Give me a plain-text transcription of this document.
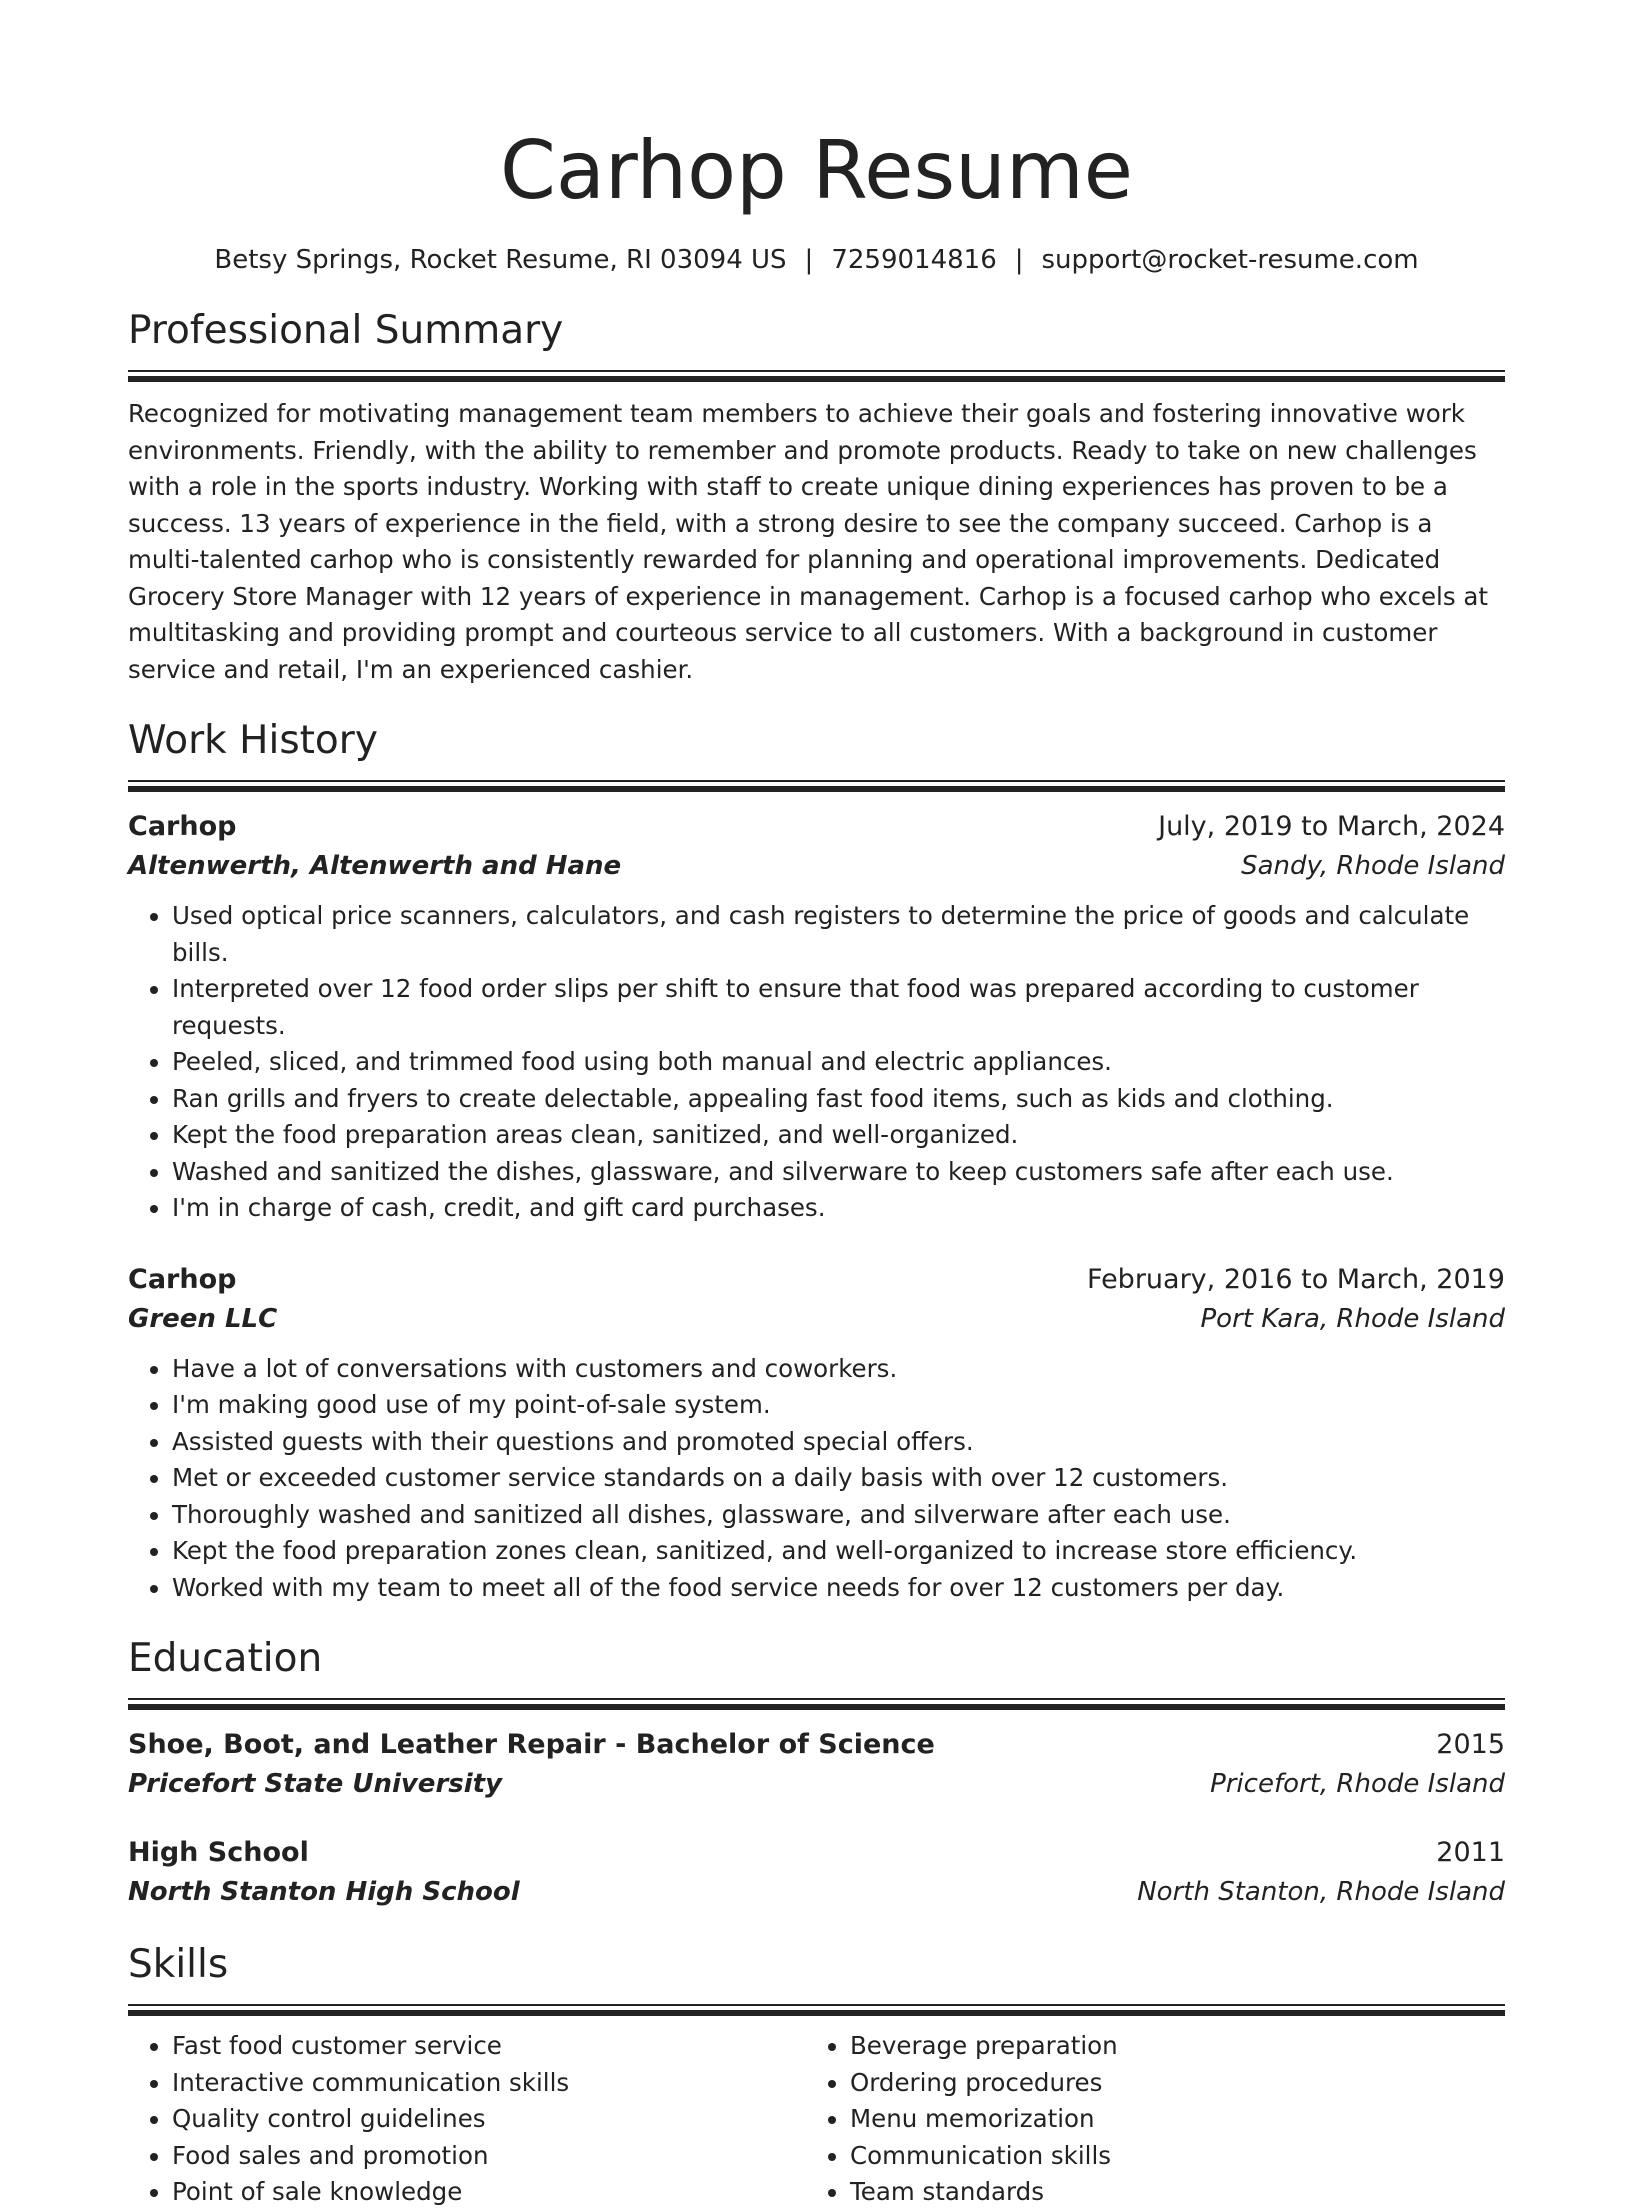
Carhop Resume
Betsy Springs, Rocket Resume, RI 03094 US | 7259014816 | support@rocket-resume.com
Professional Summary
Recognized for motivating management team members to achieve their goals and fostering innovative work environments. Friendly, with the ability to remember and promote products. Ready to take on new challenges with a role in the sports industry. Working with staff to create unique dining experiences has proven to be a success. 13 years of experience in the field, with a strong desire to see the company succeed. Carhop is a multi-talented carhop who is consistently rewarded for planning and operational improvements. Dedicated Grocery Store Manager with 12 years of experience in management. Carhop is a focused carhop who excels at multitasking and providing prompt and courteous service to all customers. With a background in customer service and retail, I'm an experienced cashier.
Work History
Carhop	July, 2019 to March, 2024
Altenwerth, Altenwerth and Hane	Sandy, Rhode Island
• Used optical price scanners, calculators, and cash registers to determine the price of goods and calculate bills.
• Interpreted over 12 food order slips per shift to ensure that food was prepared according to customer requests.
• Peeled, sliced, and trimmed food using both manual and electric appliances.
• Ran grills and fryers to create delectable, appealing fast food items, such as kids and clothing.
• Kept the food preparation areas clean, sanitized, and well-organized.
• Washed and sanitized the dishes, glassware, and silverware to keep customers safe after each use.
• I'm in charge of cash, credit, and gift card purchases.
Carhop	February, 2016 to March, 2019
Green LLC	Port Kara, Rhode Island
• Have a lot of conversations with customers and coworkers.
• I'm making good use of my point-of-sale system.
• Assisted guests with their questions and promoted special offers.
• Met or exceeded customer service standards on a daily basis with over 12 customers.
• Thoroughly washed and sanitized all dishes, glassware, and silverware after each use.
• Kept the food preparation zones clean, sanitized, and well-organized to increase store efficiency.
• Worked with my team to meet all of the food service needs for over 12 customers per day.
Education
Shoe, Boot, and Leather Repair - Bachelor of Science	2015
Pricefort State University	Pricefort, Rhode Island
High School	2011
North Stanton High School	North Stanton, Rhode Island
Skills
• Fast food customer service
• Interactive communication skills
• Quality control guidelines
• Food sales and promotion
• Point of sale knowledge
• Beverage preparation
• Ordering procedures
• Menu memorization
• Communication skills
• Team standards
